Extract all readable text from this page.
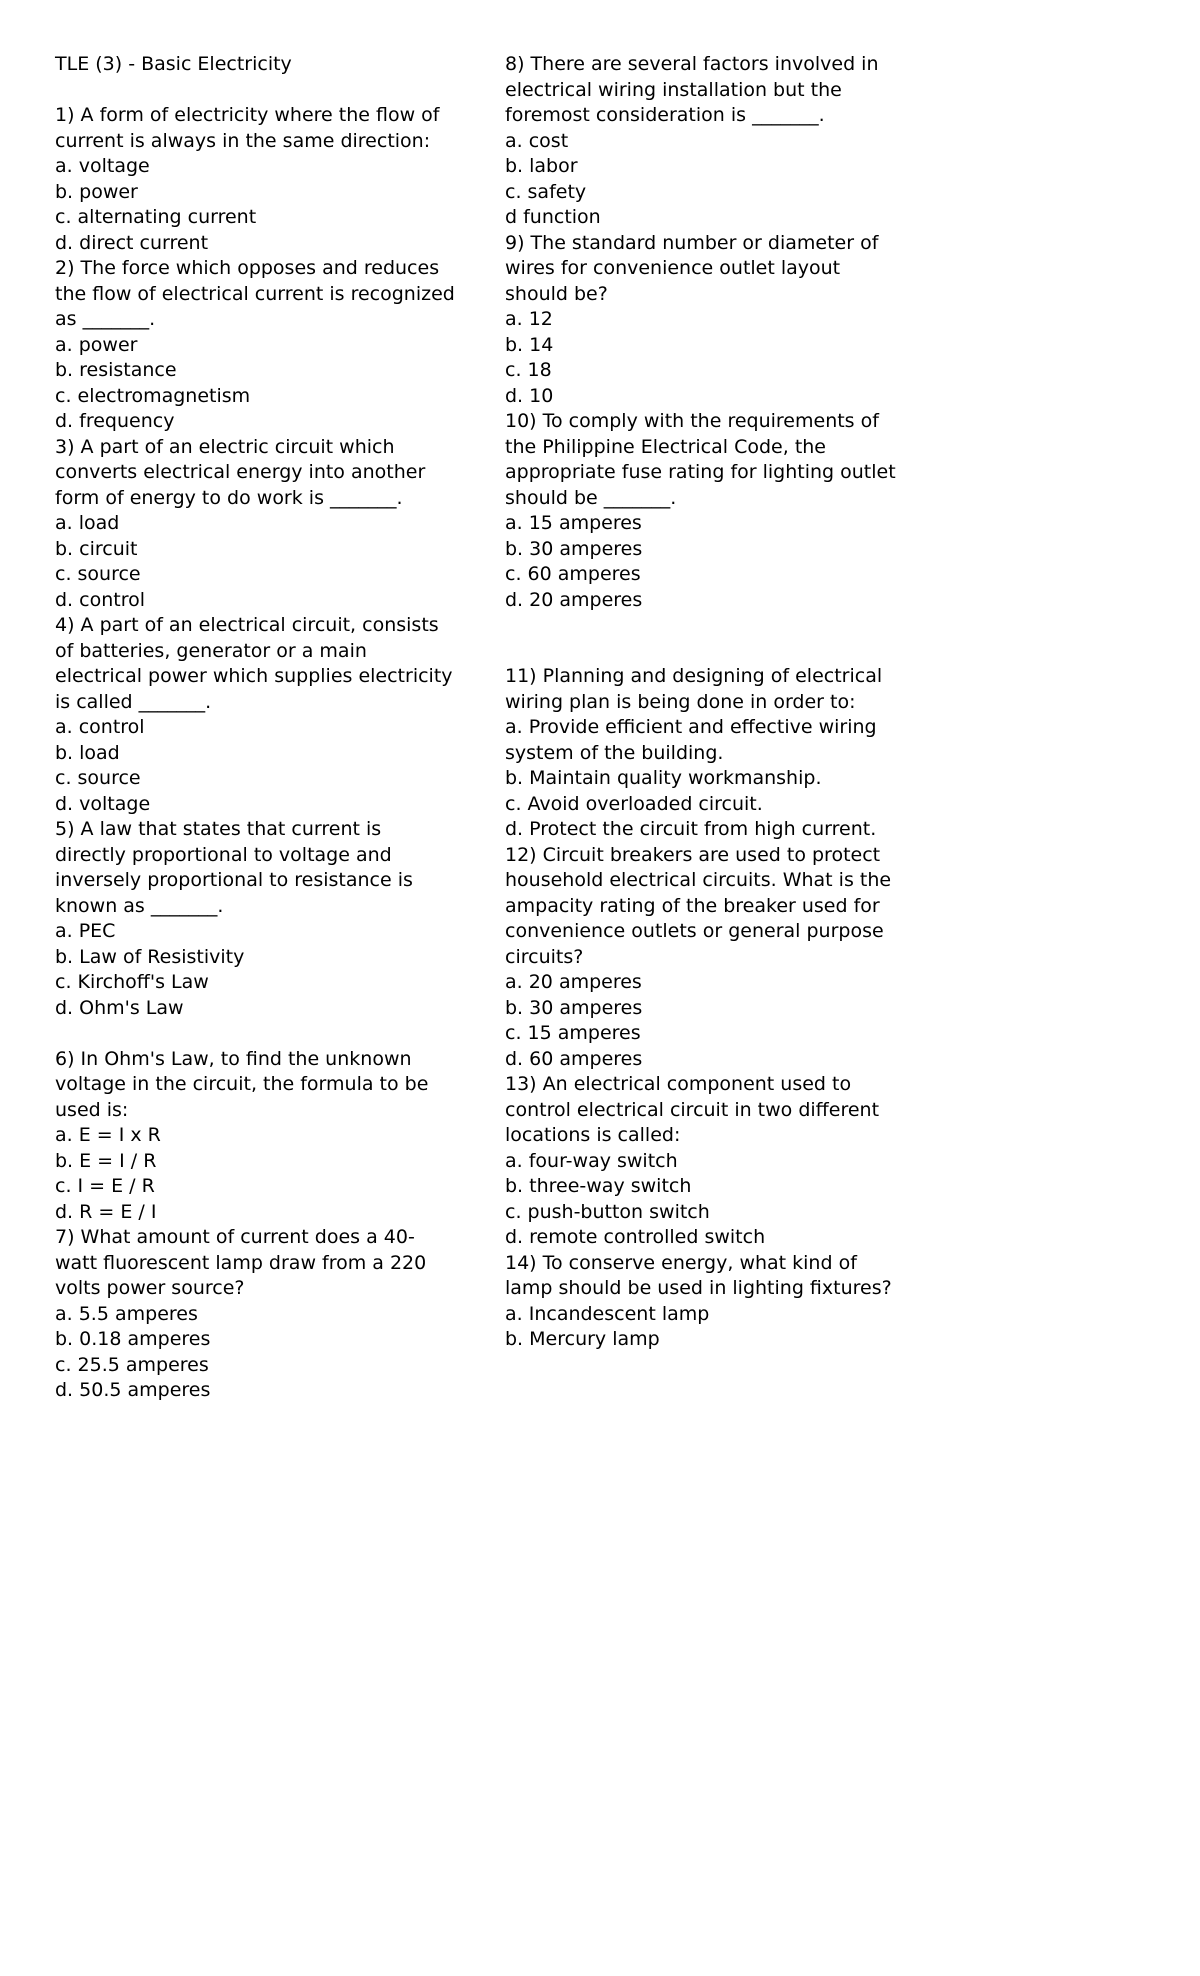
TLE (3) - Basic Electricity
1) A form of electricity where the flow of current is always in the same direction:
a. voltage
b. power
c. alternating current
d. direct current
2) The force which opposes and reduces the flow of electrical current is recognized as _______.
a. power
b. resistance
c. electromagnetism
d. frequency
3) A part of an electric circuit which converts electrical energy into another form of energy to do work is _______.
a. load
b. circuit
c. source
d. control
4) A part of an electrical circuit, consists of batteries, generator or a main electrical power which supplies electricity is called _______.
a. control
b. load
c. source
d. voltage
5) A law that states that current is directly proportional to voltage and inversely proportional to resistance is known as _______.
a. PEC
b. Law of Resistivity
c. Kirchoff's Law
d. Ohm's Law
6) In Ohm's Law, to find the unknown voltage in the circuit, the formula to be used is:
a. E = I x R
b. E = I / R
c. I = E / R
d. R = E / I
7) What amount of current does a 40-watt fluorescent lamp draw from a 220 volts power source?
a. 5.5 amperes
b. 0.18 amperes
c. 25.5 amperes
d. 50.5 amperes
8) There are several factors involved in electrical wiring installation but the foremost consideration is _______.
a. cost
b. labor
c. safety
d function
9) The standard number or diameter of wires for convenience outlet layout should be?
a. 12
b. 14
c. 18
d. 10
10) To comply with the requirements of the Philippine Electrical Code, the appropriate fuse rating for lighting outlet should be _______.
a. 15 amperes
b. 30 amperes
c. 60 amperes
d. 20 amperes
11) Planning and designing of electrical wiring plan is being done in order to:
a. Provide efficient and effective wiring system of the building.
b. Maintain quality workmanship.
c. Avoid overloaded circuit.
d. Protect the circuit from high current.
12) Circuit breakers are used to protect household electrical circuits. What is the ampacity rating of the breaker used for convenience outlets or general purpose circuits?
a. 20 amperes
b. 30 amperes
c. 15 amperes
d. 60 amperes
13) An electrical component used to control electrical circuit in two different locations is called:
a. four-way switch
b. three-way switch
c. push-button switch
d. remote controlled switch
14) To conserve energy, what kind of lamp should be used in lighting fixtures?
a. Incandescent lamp
b. Mercury lamp
